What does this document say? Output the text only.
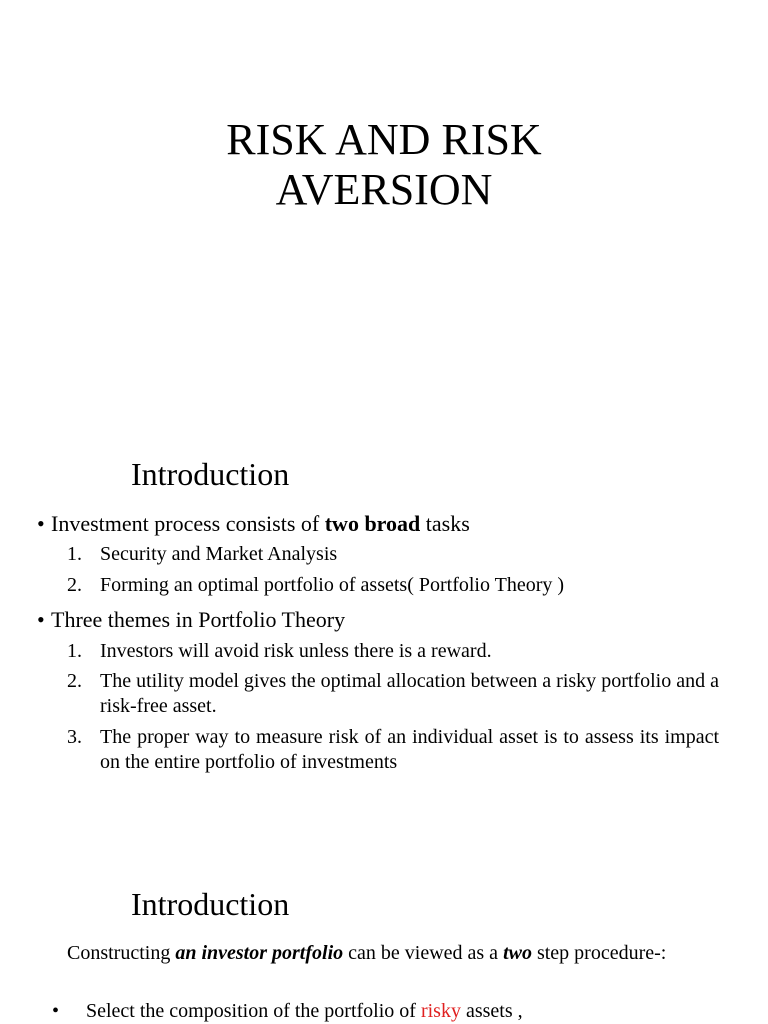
RISK AND RISK
AVERSION
Introduction
• Investment process consists of two broad tasks
1. Security and Market Analysis
2. Forming an optimal portfolio of assets( Portfolio Theory )
• Three themes in Portfolio Theory
1. Investors will avoid risk unless there is a reward.
2. The utility model gives the optimal allocation between a risky portfolio and a risk-free asset.
3. The proper way to measure risk of an individual asset is to assess its impact on the entire portfolio of investments
Introduction
Constructing an investor portfolio can be viewed as a two step procedure-:
• Select the composition of the portfolio of risky assets ,
